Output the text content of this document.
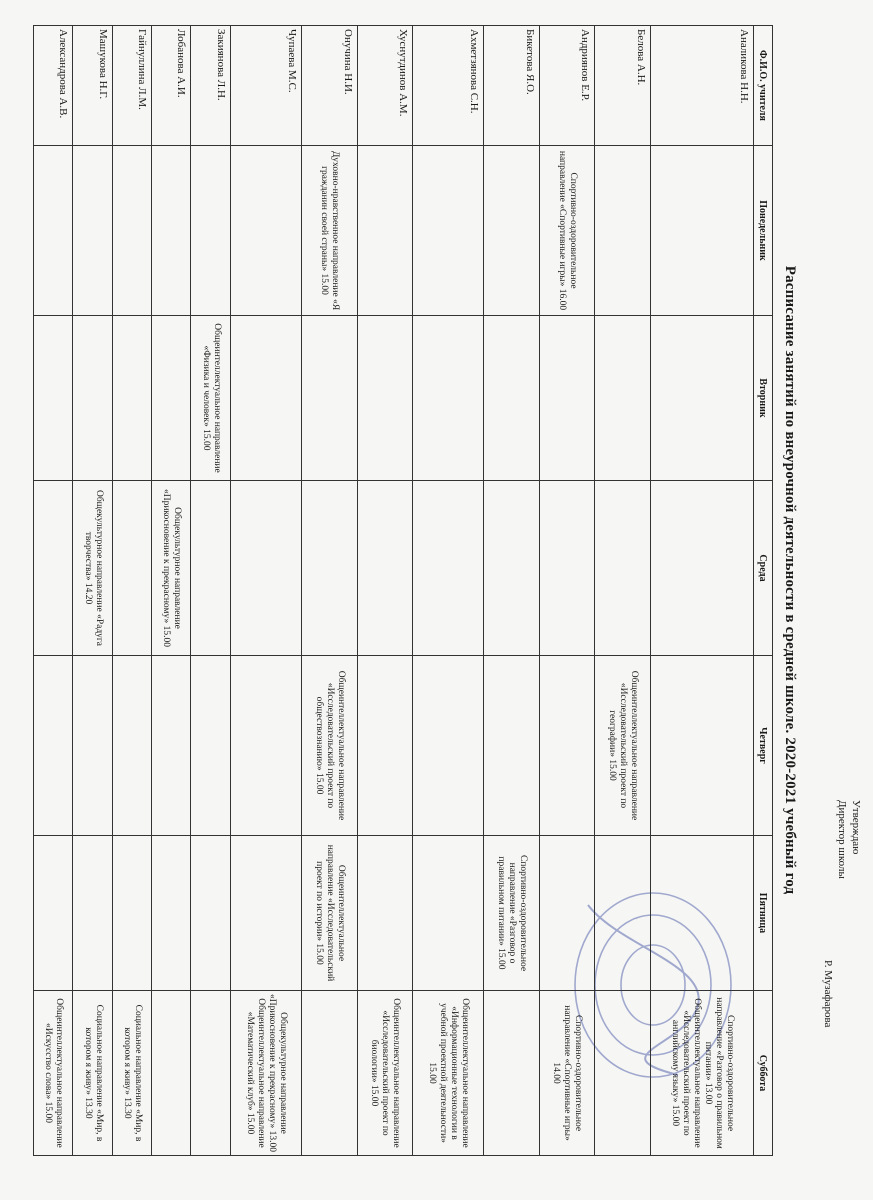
Утверждаю
Директор школы
Р. Музафарова
Расписание занятий по внеурочной деятельности в средней школе. 2020-2021 учебный год
Ф.И.О. учителя	Понедельник	Вторник	Среда	Четверг	Пятница	Суббота
Аналикова Н.Н.						Спортивно-оздоровительное направление «Разговор о правильном питании» 13.00
Общеинтеллектуальное направление «Исследовательский проект по английскому языку» 15.00

Белова А.Н.				Общеинтеллектуальное направление «Исследовательский проект по географии» 15.00		

Андриянов Е.Р.	Спортивно-оздоровительное направление «Спортивные игры» 16.00					Спортивно-оздоровительное направление «Спортивные игры» 14.00

Бикетова Я.О.					Спортивно-оздоровительное направление «Разговор о правильном питании» 15.00	

Ахметзянова С.Н.						Общеинтеллектуальное направление «Информационные технологии в учебной проектной деятельности» 15.00

Хуснутдинов А.М.						Общеинтеллектуальное направление «Исследовательский проект по биологии» 15.00

Онучина Н.И.	Духовно-нравственное направление «Я гражданин своей страны» 15.00			Общеинтеллектуальное направление «Исследовательский проект по обществознанию» 15.00	Общеинтеллектуальное направление «Исследовательский проект по истории» 15.00	

Чупаева М.С.						Общекультурное направление «Прикосновение к прекрасному» 13.00
Общеинтеллектуальное направление «Математический клуб» 15.00

Закиянова Л.Н.		Общеинтеллектуальное направление «Физика и человек» 15.00				

Лобанова А.И.			Общекультурное направление «Прикосновение к прекрасному» 15.00			

Гайнуллина Л.М.						Социальное направление «Мир, в котором я живу» 13.30

Машукова Н.Г.			Общекультурное направление «Радуга творчества» 14.20			Социальное направление «Мир, в котором я живу» 13.30

Александрова А.В.						Общеинтеллектуальное направление «Искусство слова» 15.00
